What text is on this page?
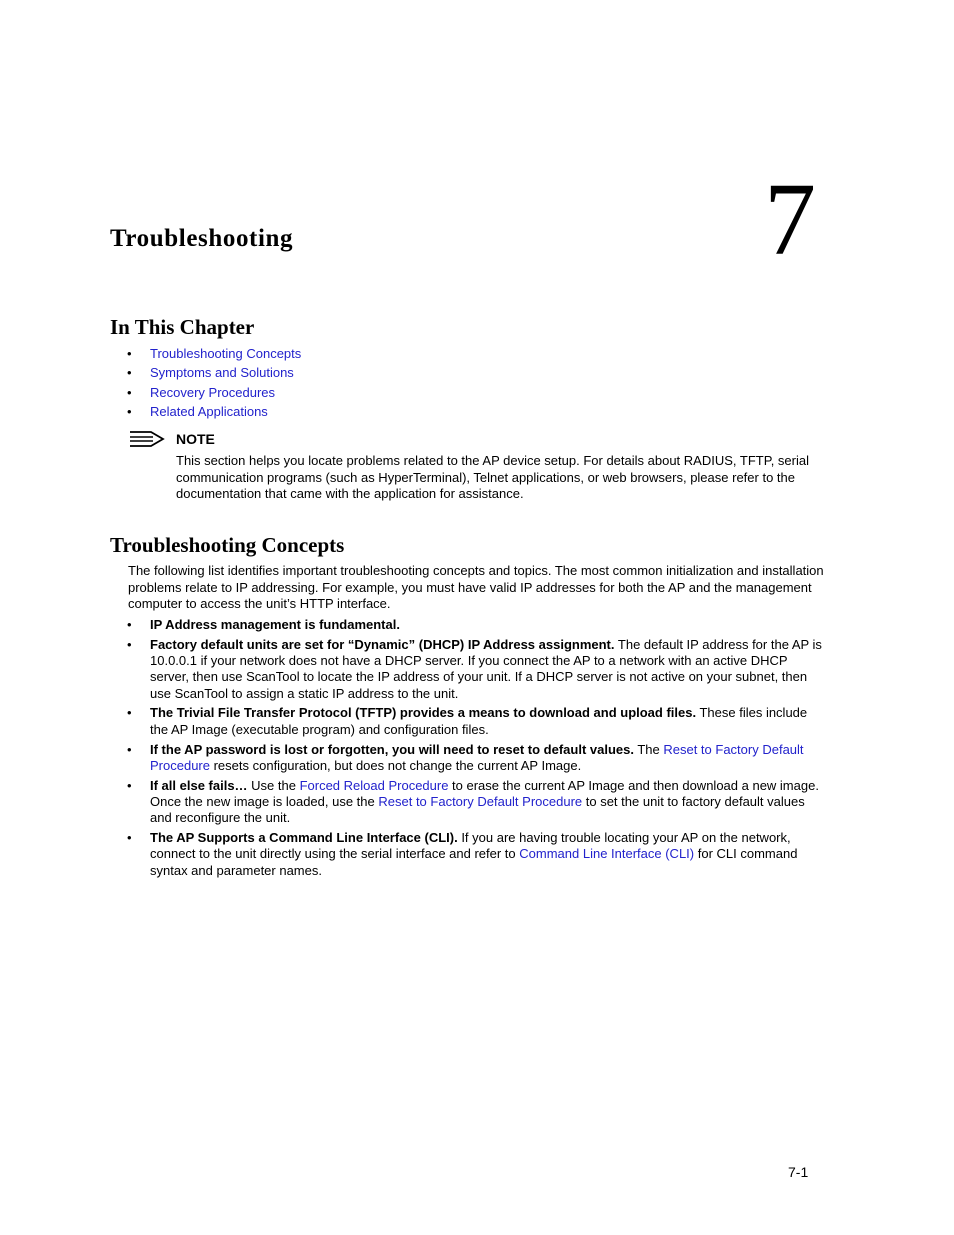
Troubleshooting	7
In This Chapter
• Troubleshooting Concepts
• Symptoms and Solutions
• Recovery Procedures
• Related Applications
NOTE

This section helps you locate problems related to the AP device setup. For details about RADIUS, TFTP, serial communication programs (such as HyperTerminal), Telnet applications, or web browsers, please refer to the documentation that came with the application for assistance.

Troubleshooting Concepts

The following list identifies important troubleshooting concepts and topics. The most common initialization and installation problems relate to IP addressing. For example, you must have valid IP addresses for both the AP and the management computer to access the unit’s HTTP interface.

• IP Address management is fundamental.
• Factory default units are set for “Dynamic” (DHCP) IP Address assignment. The default IP address for the AP is 10.0.0.1 if your network does not have a DHCP server. If you connect the AP to a network with an active DHCP server, then use ScanTool to locate the IP address of your unit. If a DHCP server is not active on your subnet, then use ScanTool to assign a static IP address to the unit.
• The Trivial File Transfer Protocol (TFTP) provides a means to download and upload files. These files include the AP Image (executable program) and configuration files.
• If the AP password is lost or forgotten, you will need to reset to default values. The Reset to Factory Default Procedure resets configuration, but does not change the current AP Image.
• If all else fails… Use the Forced Reload Procedure to erase the current AP Image and then download a new image. Once the new image is loaded, use the Reset to Factory Default Procedure to set the unit to factory default values and reconfigure the unit.
• The AP Supports a Command Line Interface (CLI). If you are having trouble locating your AP on the network, connect to the unit directly using the serial interface and refer to Command Line Interface (CLI) for CLI command syntax and parameter names.
7-1
